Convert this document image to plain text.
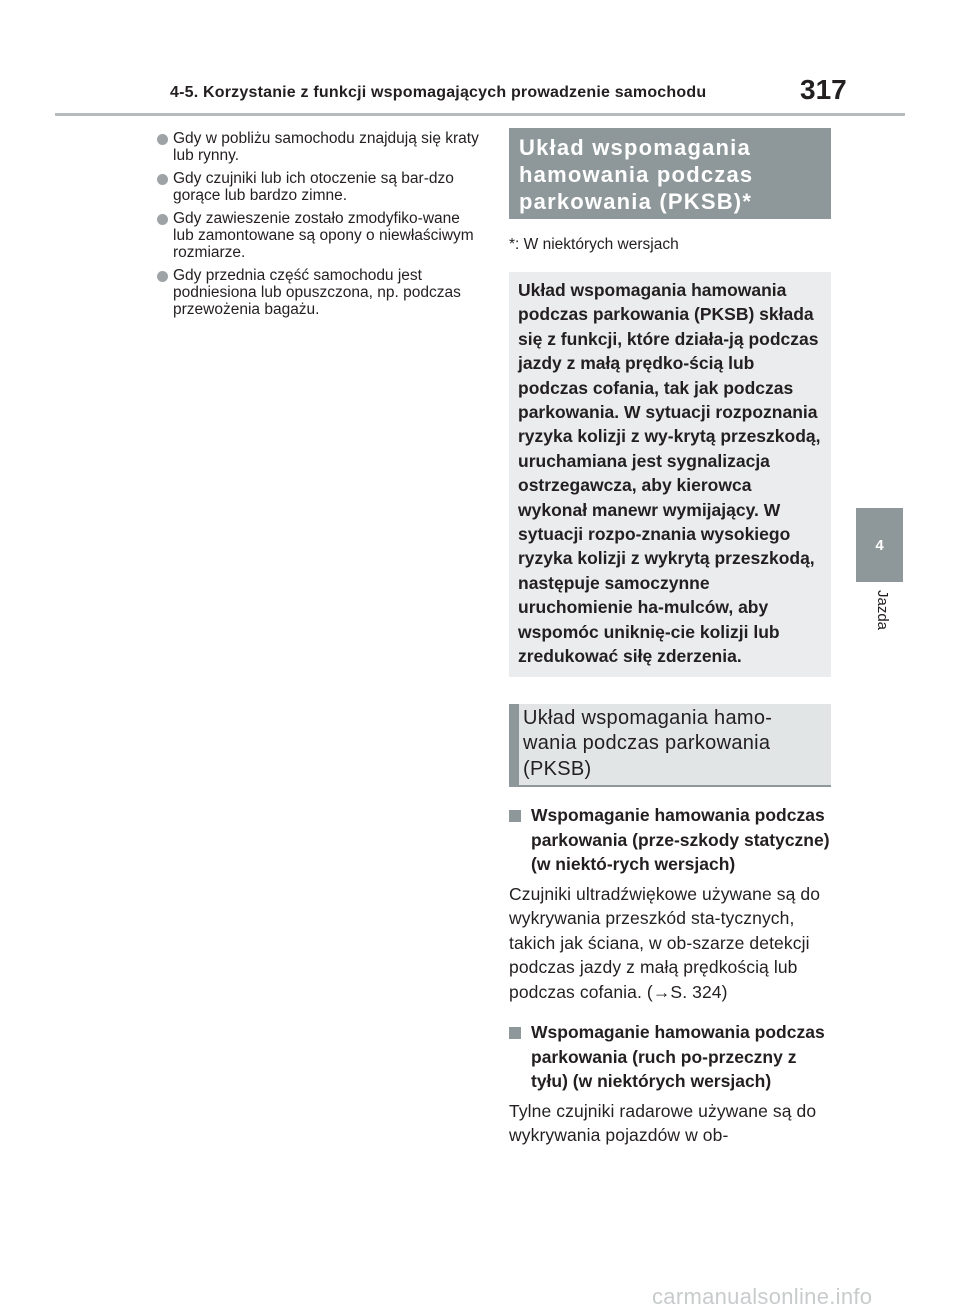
4-5. Korzystanie z funkcji wspomagających prowadzenie samochodu	317
4
Jazda
Gdy w pobliżu samochodu znajdują się kraty lub rynny.
Gdy czujniki lub ich otoczenie są bar-dzo gorące lub bardzo zimne.
Gdy zawieszenie zostało zmodyfiko-wane lub zamontowane są opony o niewłaściwym rozmiarze.
Gdy przednia część samochodu jest podniesiona lub opuszczona, np. podczas przewożenia bagażu.
Układ wspomagania hamowania podczas parkowania (PKSB)*
*: W niektórych wersjach
Układ wspomagania hamowania podczas parkowania (PKSB) składa się z funkcji, które działa-ją podczas jazdy z małą prędko-ścią lub podczas cofania, tak jak podczas parkowania. W sytuacji rozpoznania ryzyka kolizji z wy-krytą przeszkodą, uruchamiana jest sygnalizacja ostrzegawcza, aby kierowca wykonał manewr wymijający. W sytuacji rozpo-znania wysokiego ryzyka kolizji z wykrytą przeszkodą, następuje samoczynne uruchomienie ha-mulców, aby wspomóc uniknię-cie kolizji lub zredukować siłę zderzenia.
Układ wspomagania hamo-wania podczas parkowania (PKSB)
Wspomaganie hamowania podczas parkowania (prze-szkody statyczne) (w niektó-rych wersjach)
Czujniki ultradźwiękowe używane są do wykrywania przeszkód sta-tycznych, takich jak ściana, w ob-szarze detekcji podczas jazdy z małą prędkością lub podczas cofania. (→S. 324)
Wspomaganie hamowania podczas parkowania (ruch po-przeczny z tyłu) (w niektórych wersjach)
Tylne czujniki radarowe używane są do wykrywania pojazdów w ob-
carmanualsonline.info
